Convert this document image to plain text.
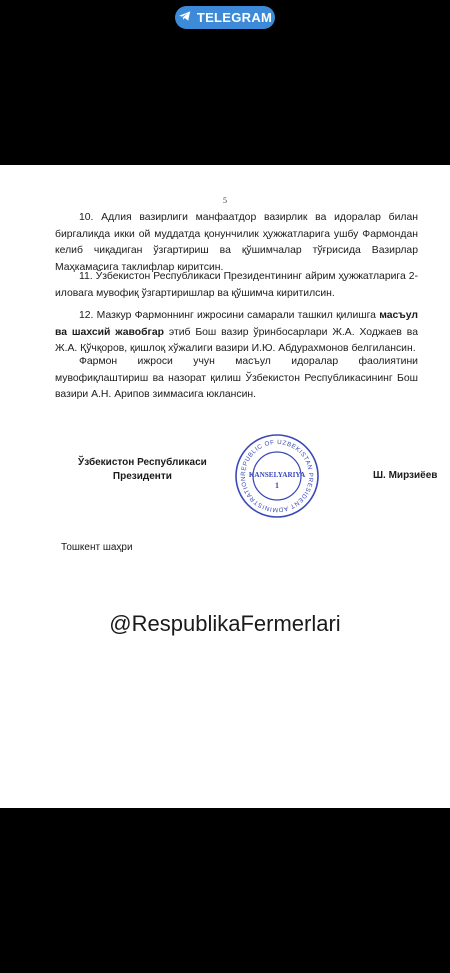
TELEGRAM
5

10. Адлия вазирлиги манфаатдор вазирлик ва идоралар билан биргаликда икки ой муддатда қонунчилик ҳужжатларига ушбу Фармондан келиб чиқадиган ўзгартириш ва қўшимчалар тўғрисида Вазирлар Маҳкамасига таклифлар киритсин.

11. Ўзбекистон Республикаси Президентининг айрим ҳужжатларига 2-иловага мувофиқ ўзгартиришлар ва қўшимча киритилсин.

12. Мазкур Фармоннинг ижросини самарали ташкил қилишга масъул ва шахсий жавобгар этиб Бош вазир ўринбосарлари Ж.А. Ходжаев ва Ж.А. Қўчқоров, қишлоқ хўжалиги вазири И.Ю. Абдурахмонов белгилансин.

Фармон ижроси учун масъул идоралар фаолиятини мувофиқлаштириш ва назорат қилиш Ўзбекистон Республикасининг Бош вазири А.Н. Арипов зиммасига юклансин.

Ўзбекистон Республикаси
Президенти	REPUBLIC OF UZBEKISTAN PRESIDENT ADMINISTRATION KANSELYARIYA
1
Ш. Мирзиёев
Тошкент шаҳри
@RespublikaFermerlari
